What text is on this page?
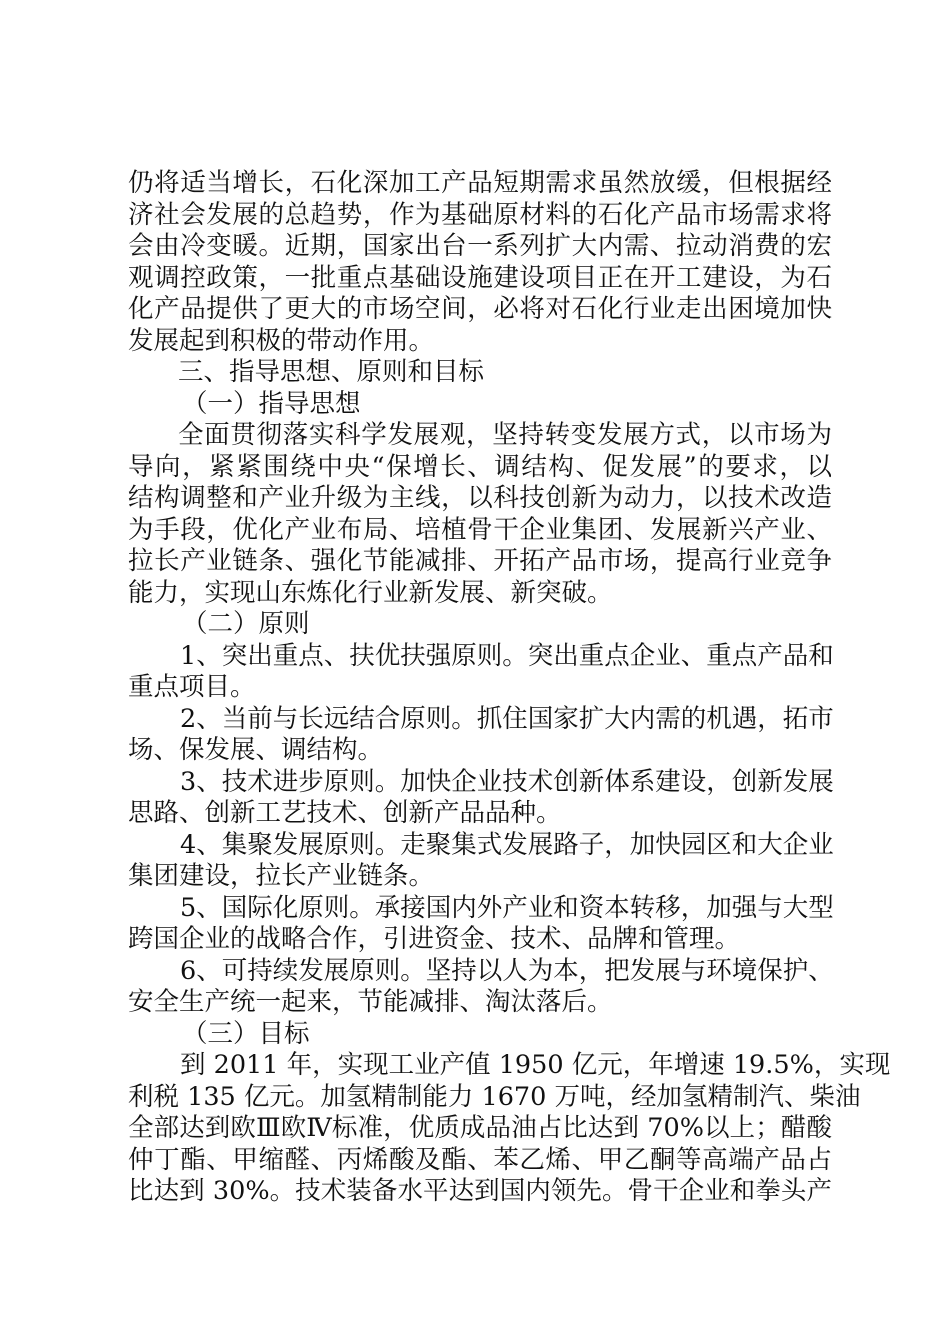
仍将适当增长，石化深加工产品短期需求虽然放缓，但根据经
济社会发展的总趋势，作为基础原材料的石化产品市场需求将
会由冷变暖。近期，国家出台一系列扩大内需、拉动消费的宏
观调控政策，一批重点基础设施建设项目正在开工建设，为石
化产品提供了更大的市场空间，必将对石化行业走出困境加快
发展起到积极的带动作用。
三、指导思想、原则和目标
（一）指导思想
全面贯彻落实科学发展观，坚持转变发展方式，以市场为
导向，紧紧围绕中央“保增长、调结构、促发展”的要求，以
结构调整和产业升级为主线，以科技创新为动力，以技术改造
为手段，优化产业布局、培植骨干企业集团、发展新兴产业、
拉长产业链条、强化节能减排、开拓产品市场，提高行业竞争
能力，实现山东炼化行业新发展、新突破。
（二）原则
1、突出重点、扶优扶强原则。突出重点企业、重点产品和
重点项目。
2、当前与长远结合原则。抓住国家扩大内需的机遇，拓市
场、保发展、调结构。
3、技术进步原则。加快企业技术创新体系建设，创新发展
思路、创新工艺技术、创新产品品种。
4、集聚发展原则。走聚集式发展路子，加快园区和大企业
集团建设，拉长产业链条。
5、国际化原则。承接国内外产业和资本转移，加强与大型
跨国企业的战略合作，引进资金、技术、品牌和管理。
6、可持续发展原则。坚持以人为本，把发展与环境保护、
安全生产统一起来，节能减排、淘汰落后。
（三）目标
到 2011 年，实现工业产值 1950 亿元，年增速 19.5%，实现
利税 135 亿元。加氢精制能力 1670 万吨，经加氢精制汽、柴油
全部达到欧Ⅲ欧Ⅳ标准，优质成品油占比达到 70%以上；醋酸
仲丁酯、甲缩醛、丙烯酸及酯、苯乙烯、甲乙酮等高端产品占
比达到 30%。技术装备水平达到国内领先。骨干企业和拳头产
